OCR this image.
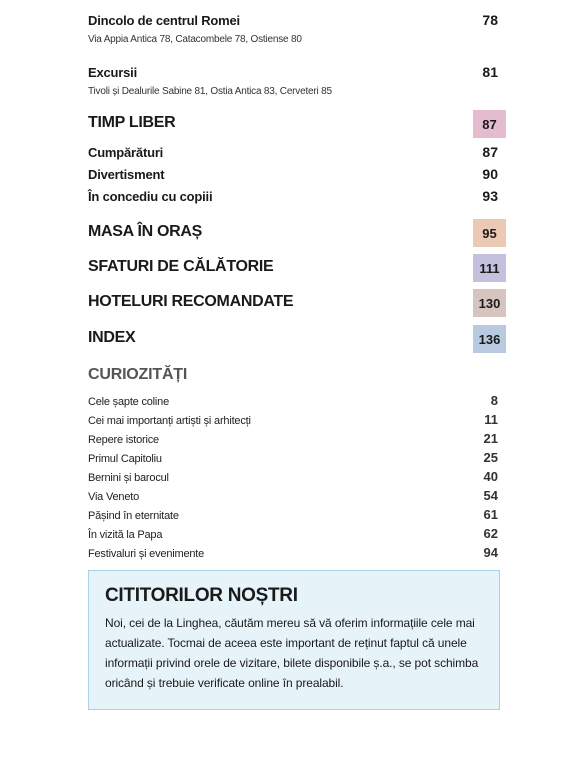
Dincolo de centrul Romei	78
Via Appia Antica 78, Catacombele 78, Ostiense 80
Excursii	81
Tivoli și Dealurile Sabine 81, Ostia Antica 83, Cerveteri 85
TIMP LIBER	87
Cumpărături	87
Divertisment	90
În concediu cu copiii	93
MASA ÎN ORAȘ	95
SFATURI DE CĂLĂTORIE	111
HOTELURI RECOMANDATE	130
INDEX	136
CURIOZITĂȚI
Cele șapte coline	8
Cei mai importanți artiști și arhitecți	11
Repere istorice	21
Primul Capitoliu	25
Bernini și barocul	40
Via Veneto	54
Pășind în eternitate	61
În vizită la Papa	62
Festivaluri și evenimente	94
CITITORILOR NOȘTRI
Noi, cei de la Linghea, căutăm mereu să vă oferim informațiile cele mai actualizate. Tocmai de aceea este important de reținut faptul că unele informații privind orele de vizitare, bilete disponibile ș.a., se pot schimba oricând și trebuie verificate online în prealabil.
